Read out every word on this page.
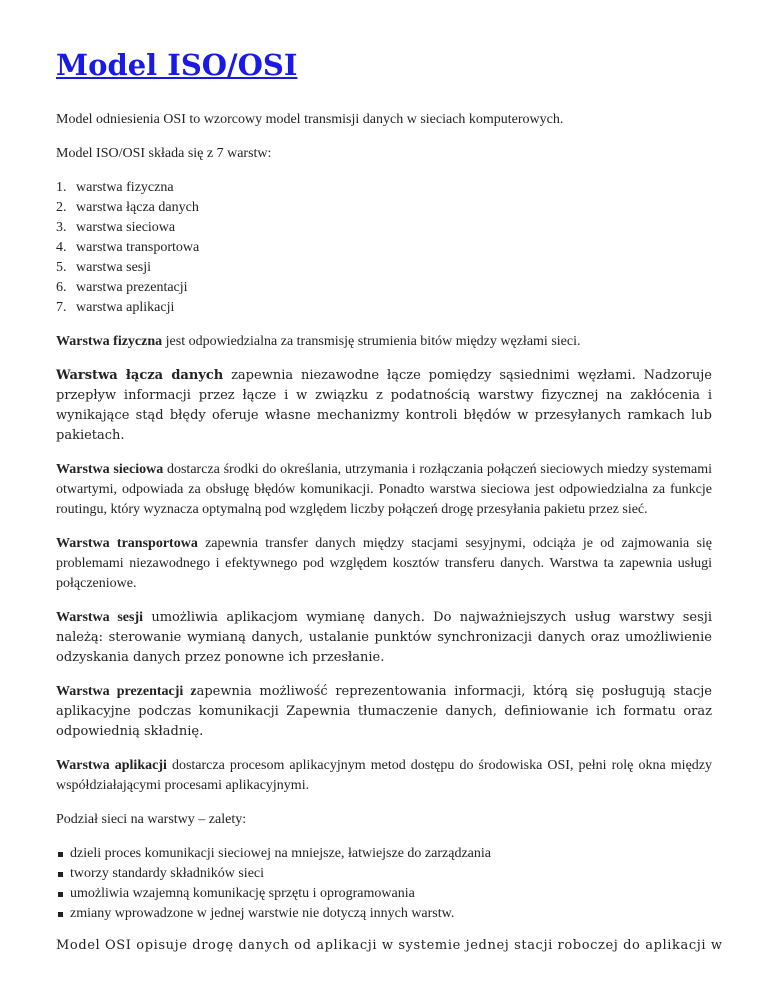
Model ISO/OSI

Model odniesienia OSI to wzorcowy model transmisji danych w sieciach komputerowych.

Model ISO/OSI składa się z 7 warstw:

1. warstwa fizyczna
2. warstwa łącza danych
3. warstwa sieciowa
4. warstwa transportowa
5. warstwa sesji
6. warstwa prezentacji
7. warstwa aplikacji

Warstwa fizyczna jest odpowiedzialna za transmisję strumienia bitów między węzłami sieci.

Warstwa łącza danych zapewnia niezawodne łącze pomiędzy sąsiednimi węzłami. Nadzoruje przepływ informacji przez łącze i w związku z podatnością warstwy fizycznej na zakłócenia i wynikające stąd błędy oferuje własne mechanizmy kontroli błędów w przesyłanych ramkach lub pakietach.

Warstwa sieciowa dostarcza środki do określania, utrzymania i rozłączania połączeń sieciowych miedzy systemami otwartymi, odpowiada za obsługę błędów komunikacji. Ponadto warstwa sieciowa jest odpowiedzialna za funkcje routingu, który wyznacza optymalną pod względem liczby połączeń drogę przesyłania pakietu przez sieć.

Warstwa transportowa zapewnia transfer danych między stacjami sesyjnymi, odciąża je od zajmowania się problemami niezawodnego i efektywnego pod względem kosztów transferu danych. Warstwa ta zapewnia usługi połączeniowe.

Warstwa sesji umożliwia aplikacjom wymianę danych. Do najważniejszych usług warstwy sesji należą: sterowanie wymianą danych, ustalanie punktów synchronizacji danych oraz umożliwienie odzyskania danych przez ponowne ich przesłanie.

Warstwa prezentacji zapewnia możliwość reprezentowania informacji, którą się posługują stacje aplikacyjne podczas komunikacji Zapewnia tłumaczenie danych, definiowanie ich formatu oraz odpowiednią składnię.

Warstwa aplikacji dostarcza procesom aplikacyjnym metod dostępu do środowiska OSI, pełni rolę okna między współdziałającymi procesami aplikacyjnymi.

Podział sieci na warstwy – zalety:

dzieli proces komunikacji sieciowej na mniejsze, łatwiejsze do zarządzania
tworzy standardy składników sieci
umożliwia wzajemną komunikację sprzętu i oprogramowania
zmiany wprowadzone w jednej warstwie nie dotyczą innych warstw.

Model OSI opisuje drogę danych od aplikacji w systemie jednej stacji roboczej do aplikacji w
